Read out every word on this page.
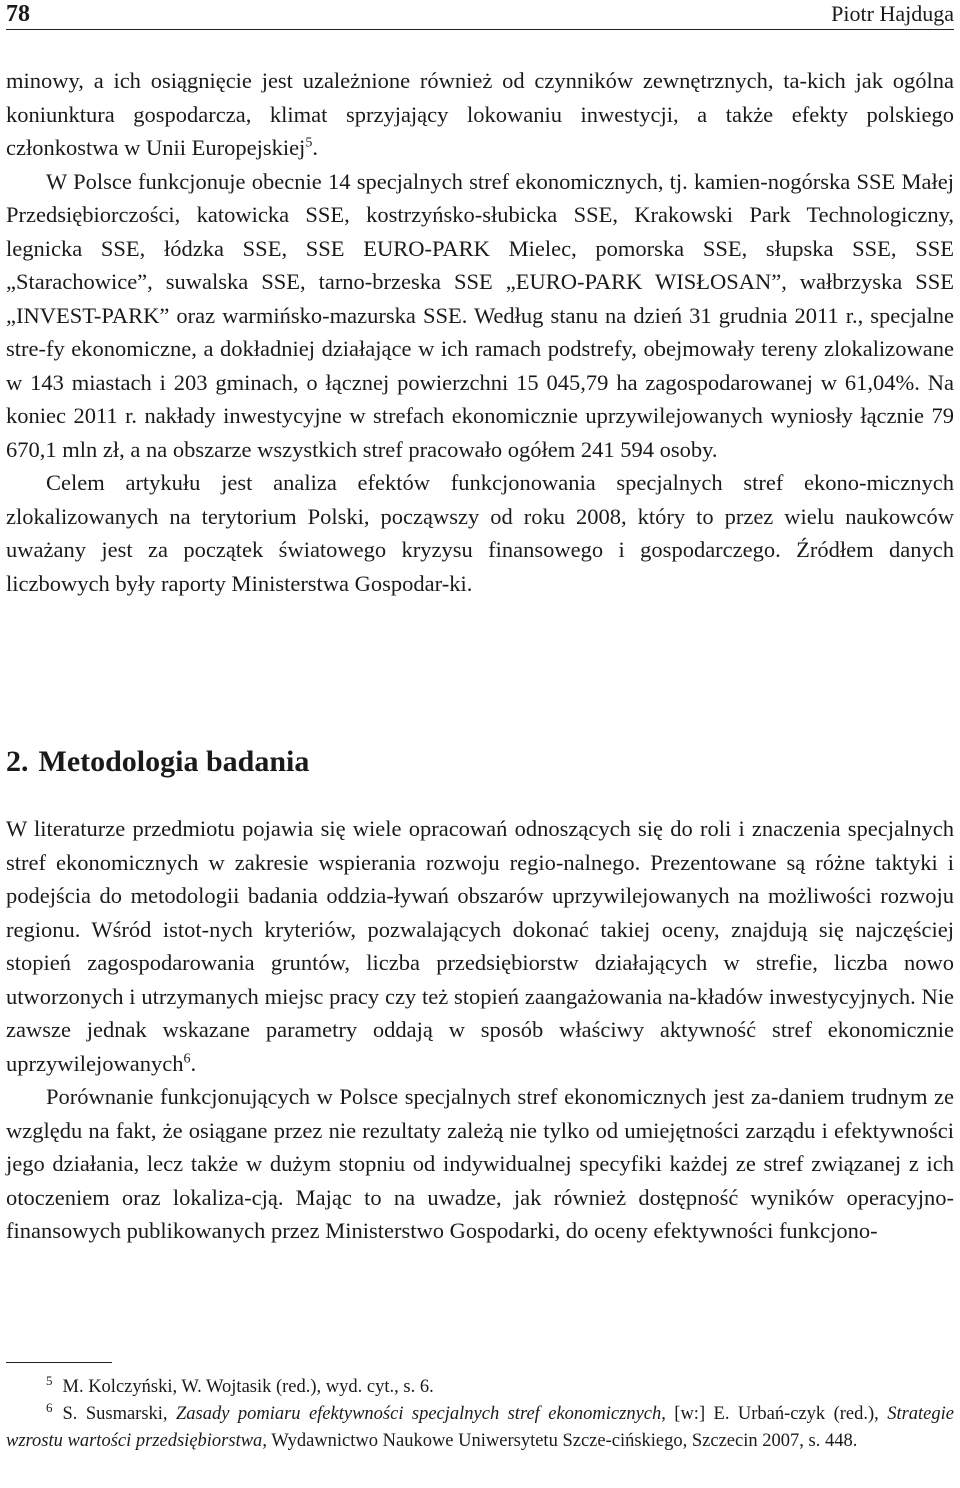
78	Piotr Hajduga

minowy, a ich osiągnięcie jest uzależnione również od czynników zewnętrznych, ta-kich jak ogólna koniunktura gospodarcza, klimat sprzyjający lokowaniu inwestycji, a także efekty polskiego członkostwa w Unii Europejskiej$^5$.

W Polsce funkcjonuje obecnie 14 specjalnych stref ekonomicznych, tj. kamien-nogórska SSE Małej Przedsiębiorczości, katowicka SSE, kostrzyńsko-słubicka SSE, Krakowski Park Technologiczny, legnicka SSE, łódzka SSE, SSE EURO-PARK Mielec, pomorska SSE, słupska SSE, SSE „Starachowice”, suwalska SSE, tarno-brzeska SSE „EURO-PARK WISŁOSAN”, wałbrzyska SSE „INVEST-PARK” oraz warmińsko-mazurska SSE. Według stanu na dzień 31 grudnia 2011 r., specjalne stre-fy ekonomiczne, a dokładniej działające w ich ramach podstrefy, obejmowały tereny zlokalizowane w 143 miastach i 203 gminach, o łącznej powierzchni 15 045,79 ha zagospodarowanej w 61,04%. Na koniec 2011 r. nakłady inwestycyjne w strefach ekonomicznie uprzywilejowanych wyniosły łącznie 79 670,1 mln zł, a na obszarze wszystkich stref pracowało ogółem 241 594 osoby.

Celem artykułu jest analiza efektów funkcjonowania specjalnych stref ekono-micznych zlokalizowanych na terytorium Polski, począwszy od roku 2008, który to przez wielu naukowców uważany jest za początek światowego kryzysu finansowego i gospodarczego. Źródłem danych liczbowych były raporty Ministerstwa Gospodar-ki.

2. Metodologia badania

W literaturze przedmiotu pojawia się wiele opracowań odnoszących się do roli i znaczenia specjalnych stref ekonomicznych w zakresie wspierania rozwoju regio-nalnego. Prezentowane są różne taktyki i podejścia do metodologii badania oddzia-ływań obszarów uprzywilejowanych na możliwości rozwoju regionu. Wśród istot-nych kryteriów, pozwalających dokonać takiej oceny, znajdują się najczęściej stopień zagospodarowania gruntów, liczba przedsiębiorstw działających w strefie, liczba nowo utworzonych i utrzymanych miejsc pracy czy też stopień zaangażowania na-kładów inwestycyjnych. Nie zawsze jednak wskazane parametry oddają w sposób właściwy aktywność stref ekonomicznie uprzywilejowanych$^6$.

Porównanie funkcjonujących w Polsce specjalnych stref ekonomicznych jest za-daniem trudnym ze względu na fakt, że osiągane przez nie rezultaty zależą nie tylko od umiejętności zarządu i efektywności jego działania, lecz także w dużym stopniu od indywidualnej specyfiki każdej ze stref związanej z ich otoczeniem oraz lokaliza-cją. Mając to na uwadze, jak również dostępność wyników operacyjno-finansowych publikowanych przez Ministerstwo Gospodarki, do oceny efektywności funkcjono-

$^5$ M. Kolczyński, W. Wojtasik (red.), wyd. cyt., s. 6.

$^6$ S. Susmarski, Zasady pomiaru efektywności specjalnych stref ekonomicznych, [w:] E. Urbań-czyk (red.), Strategie wzrostu wartości przedsiębiorstwa, Wydawnictwo Naukowe Uniwersytetu Szcze-cińskiego, Szczecin 2007, s. 448.
